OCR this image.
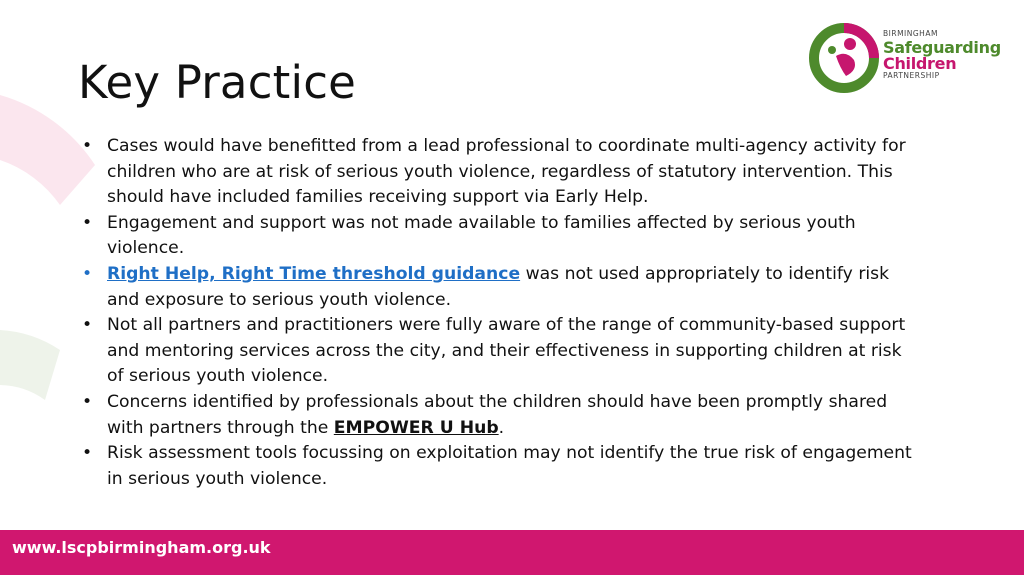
Key Practice
BIRMINGHAM
Safeguarding
Children
PARTNERSHIP
• Cases would have benefitted from a lead professional to coordinate multi-agency activity for children who are at risk of serious youth violence, regardless of statutory intervention. This should have included families receiving support via Early Help.
• Engagement and support was not made available to families affected by serious youth violence.
• Right Help, Right Time threshold guidance was not used appropriately to identify risk and exposure to serious youth violence.
• Not all partners and practitioners were fully aware of the range of community-based support and mentoring services across the city, and their effectiveness in supporting children at risk of serious youth violence.
• Concerns identified by professionals about the children should have been promptly shared with partners through the EMPOWER U Hub.
• Risk assessment tools focussing on exploitation may not identify the true risk of engagement in serious youth violence.
www.lscpbirmingham.org.uk
